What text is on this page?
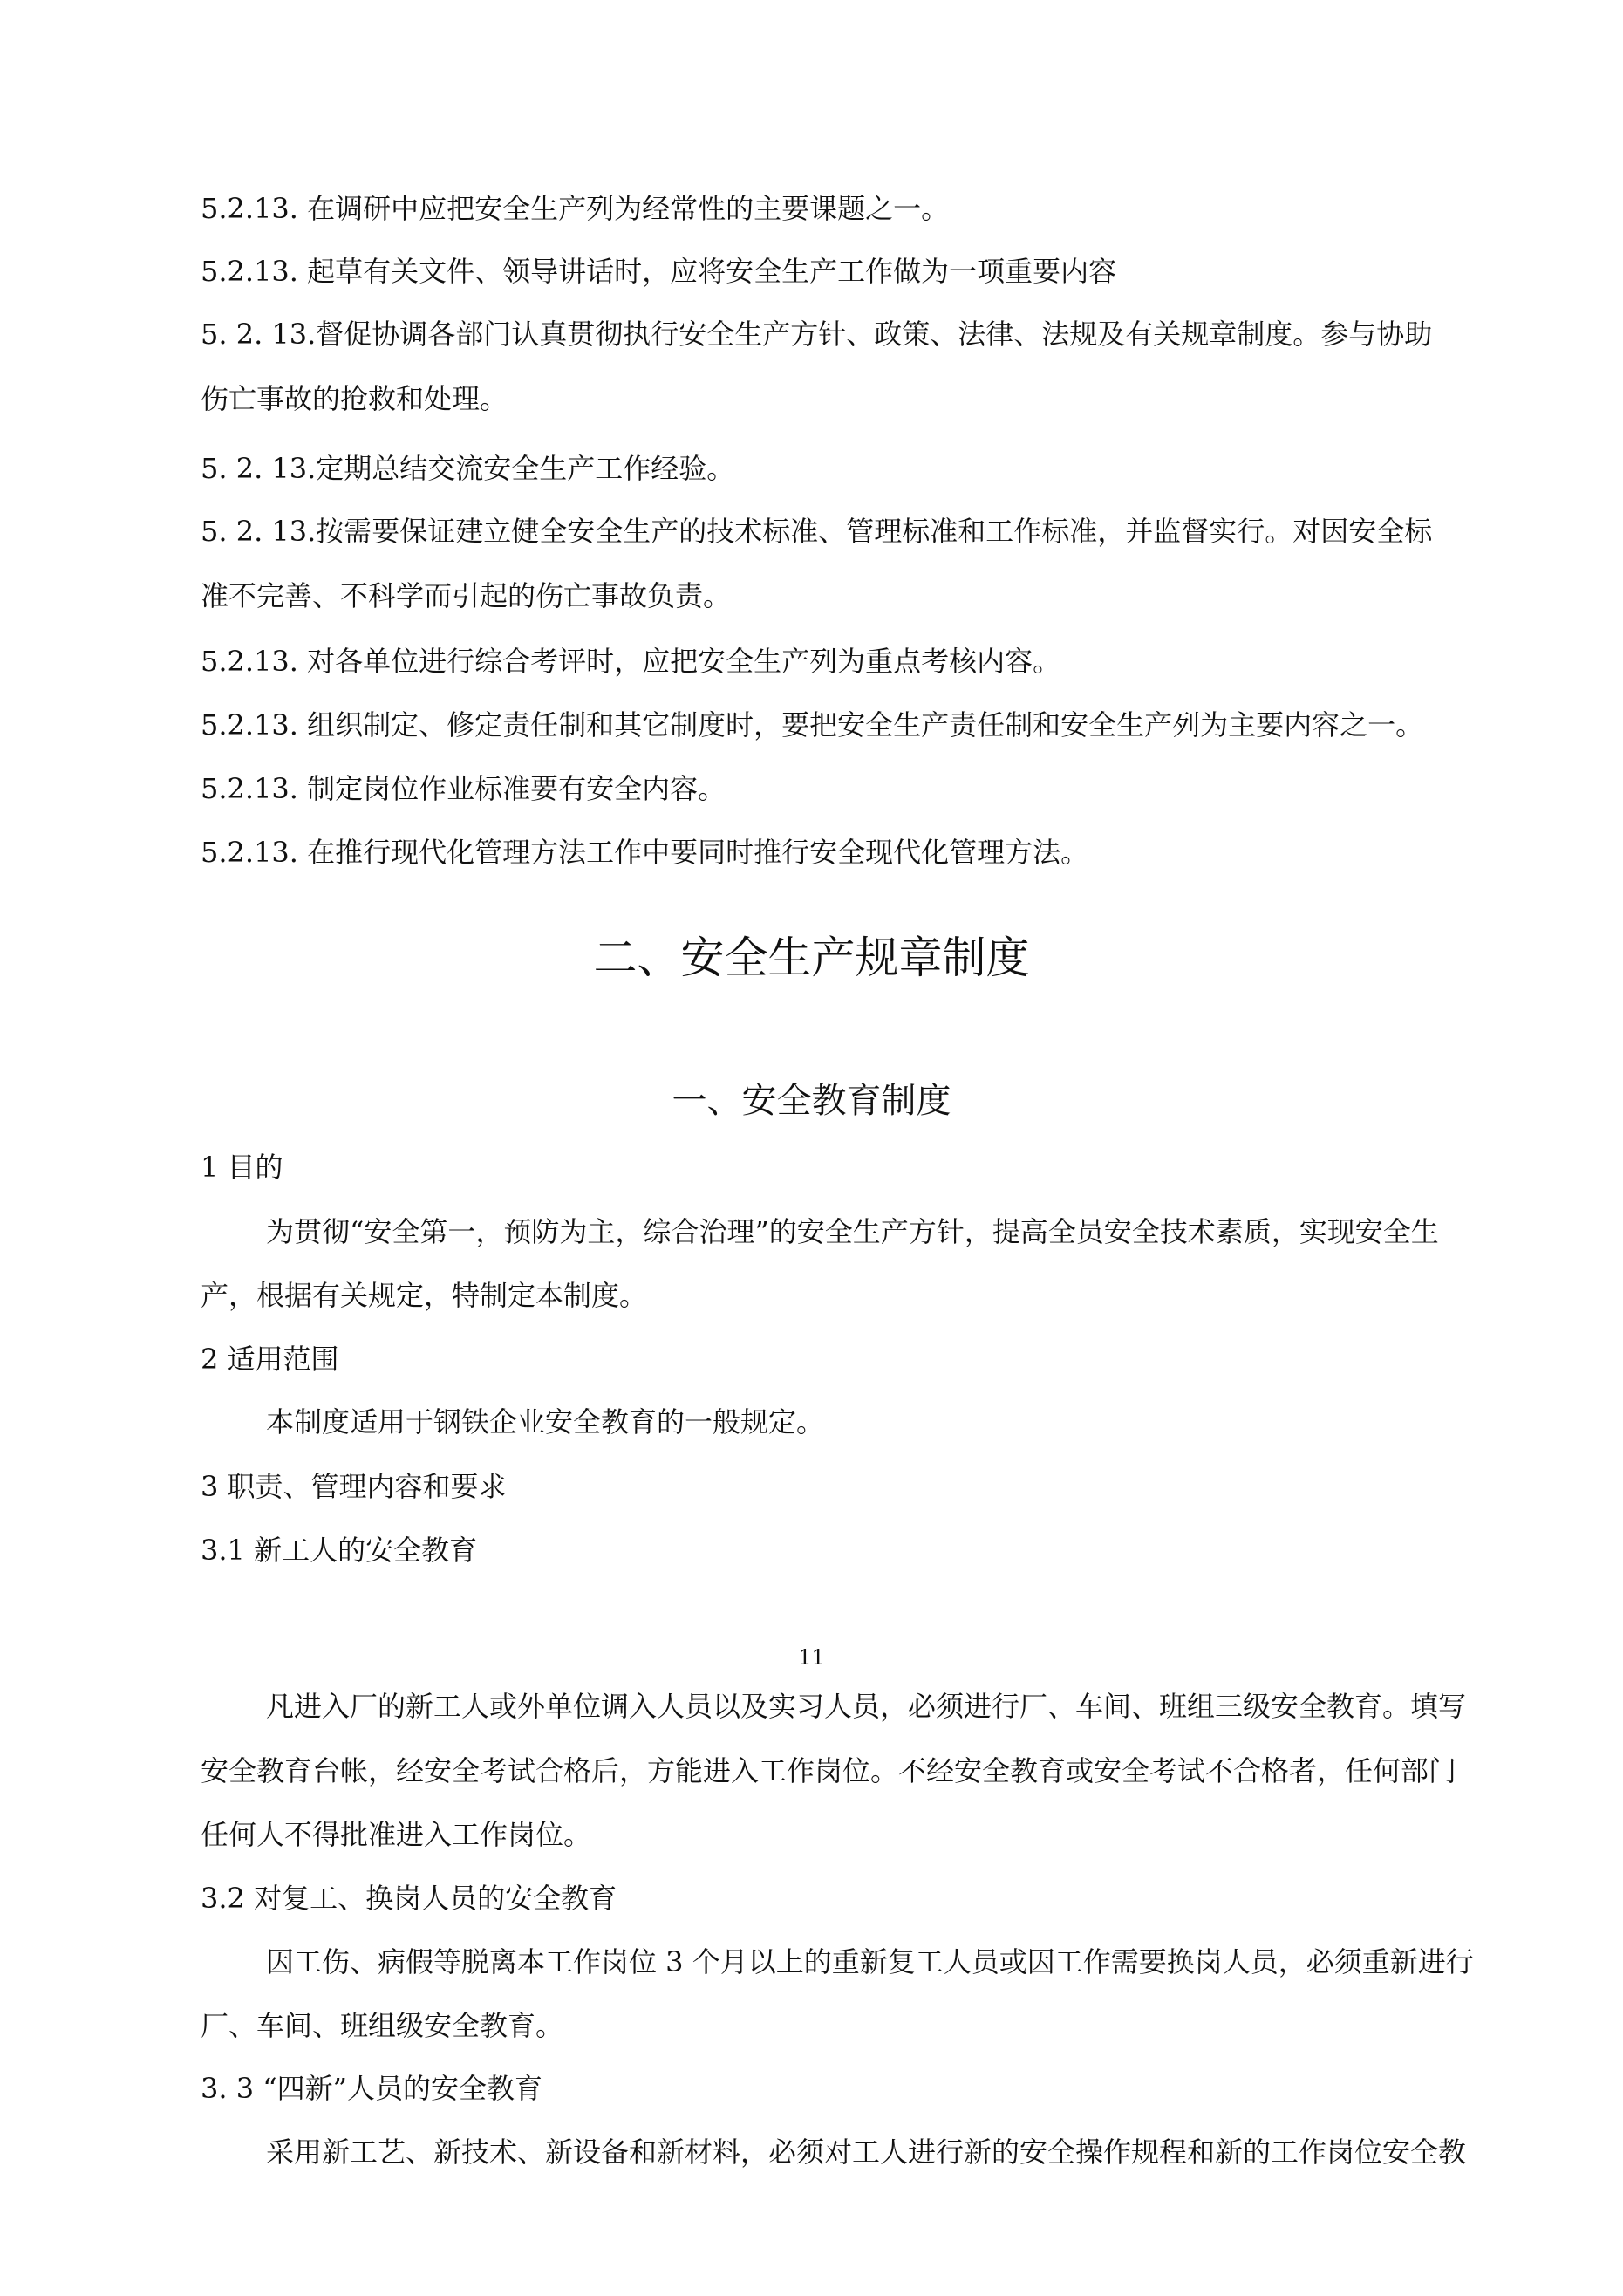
5.2.13. 在调研中应把安全生产列为经常性的主要课题之一。
5.2.13. 起草有关文件、领导讲话时，应将安全生产工作做为一项重要内容
5. 2. 13.督促协调各部门认真贯彻执行安全生产方针、政策、法律、法规及有关规章制度。参与协助
伤亡事故的抢救和处理。
5. 2. 13.定期总结交流安全生产工作经验。
5. 2. 13.按需要保证建立健全安全生产的技术标准、管理标准和工作标准，并监督实行。对因安全标
准不完善、不科学而引起的伤亡事故负责。
5.2.13. 对各单位进行综合考评时，应把安全生产列为重点考核内容。
5.2.13. 组织制定、修定责任制和其它制度时，要把安全生产责任制和安全生产列为主要内容之一。
5.2.13. 制定岗位作业标准要有安全内容。
5.2.13. 在推行现代化管理方法工作中要同时推行安全现代化管理方法。
二、安全生产规章制度
一、安全教育制度
1 目的
为贯彻“安全第一，预防为主，综合治理”的安全生产方针，提高全员安全技术素质，实现安全生
产，根据有关规定，特制定本制度。
2 适用范围
本制度适用于钢铁企业安全教育的一般规定。
3 职责、管理内容和要求
3.1 新工人的安全教育
11
凡进入厂的新工人或外单位调入人员以及实习人员，必须进行厂、车间、班组三级安全教育。填写
安全教育台帐，经安全考试合格后，方能进入工作岗位。不经安全教育或安全考试不合格者，任何部门
任何人不得批准进入工作岗位。
3.2 对复工、换岗人员的安全教育
因工伤、病假等脱离本工作岗位 3 个月以上的重新复工人员或因工作需要换岗人员，必须重新进行
厂、车间、班组级安全教育。
3. 3 “四新”人员的安全教育
采用新工艺、新技术、新设备和新材料，必须对工人进行新的安全操作规程和新的工作岗位安全教
